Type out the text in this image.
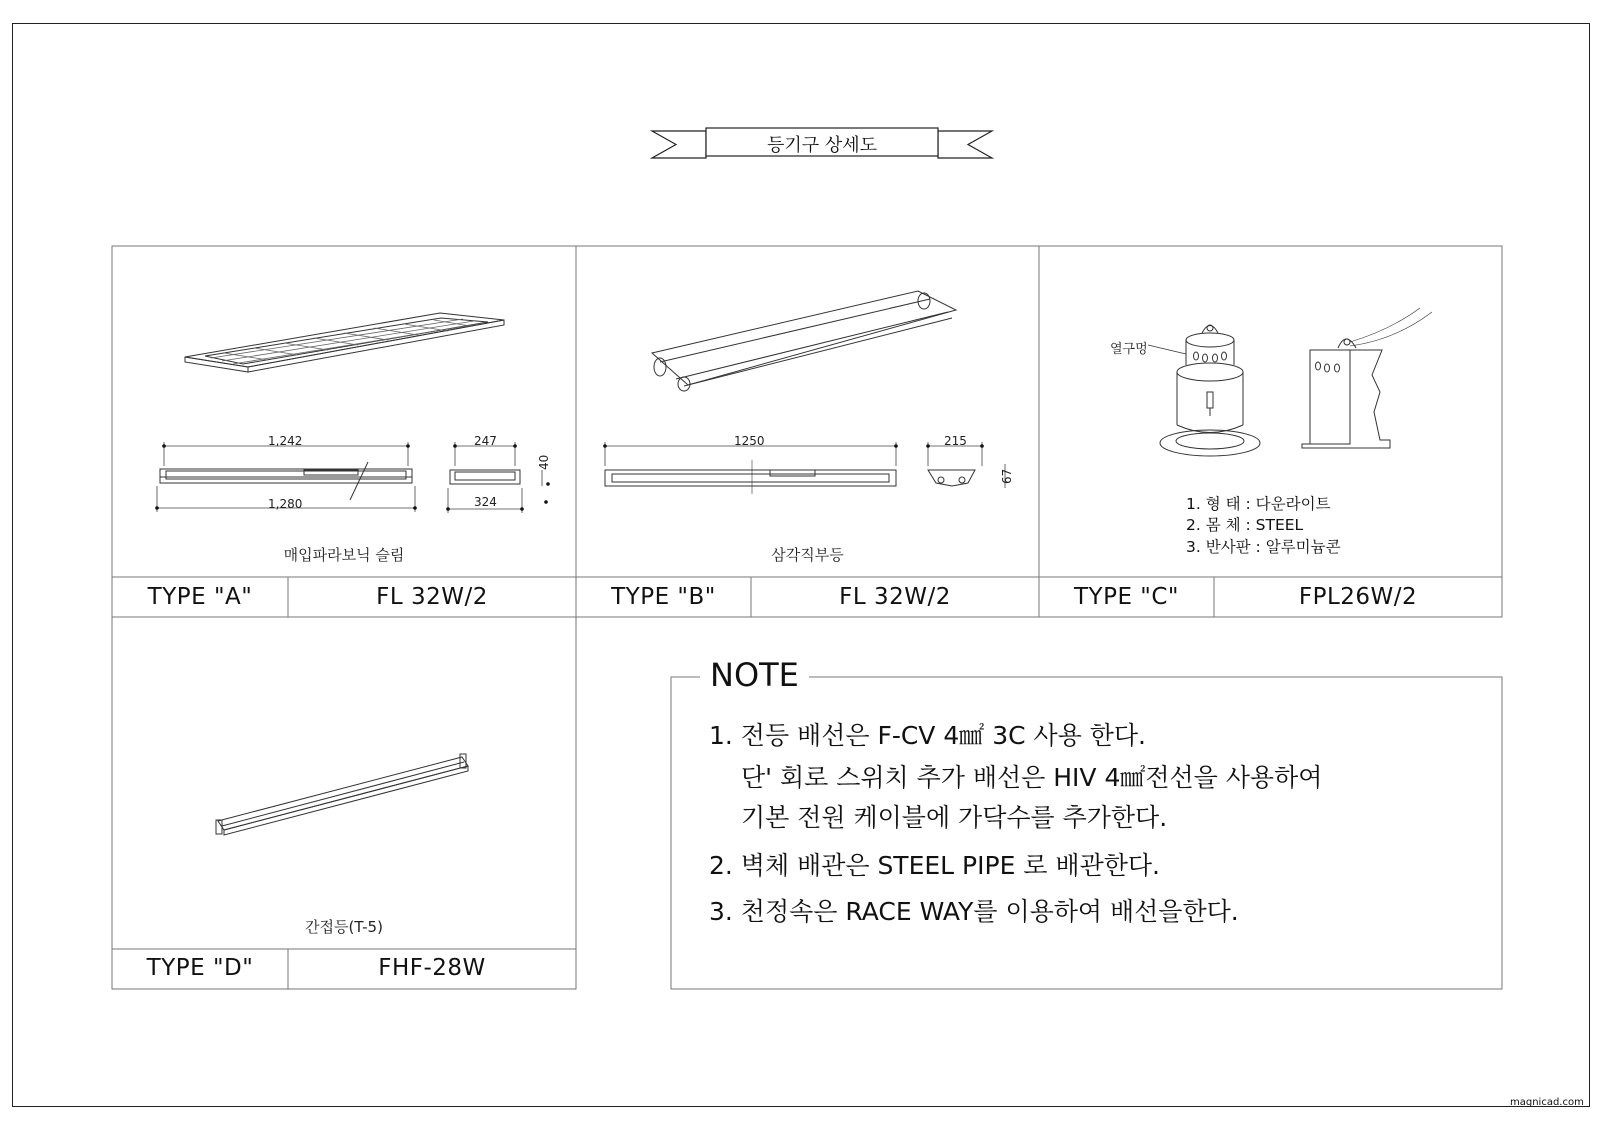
등기구 상세도
1,242
1,280
247
324
40
매입파라보닉 슬림
TYPE "A"	FL 32W/2
1250	215
67
삼각직부등
TYPE "B"	FL 32W/2
열구멍
1. 형 태 : 다운라이트
2. 몸 체 : STEEL
3. 반사판 : 알루미늄콘
TYPE "C"	FPL26W/2
간접등(T-5)
TYPE "D"	FHF-28W
NOTE
1. 전등 배선은 F-CV 4㎟ 3C 사용 한다.
단' 회로 스위치 추가 배선은 HIV 4㎟전선을 사용하여
기본 전원 케이블에 가닥수를 추가한다.
2. 벽체 배관은 STEEL PIPE 로 배관한다.
3. 천정속은 RACE WAY를 이용하여 배선을한다.
magnicad.com
